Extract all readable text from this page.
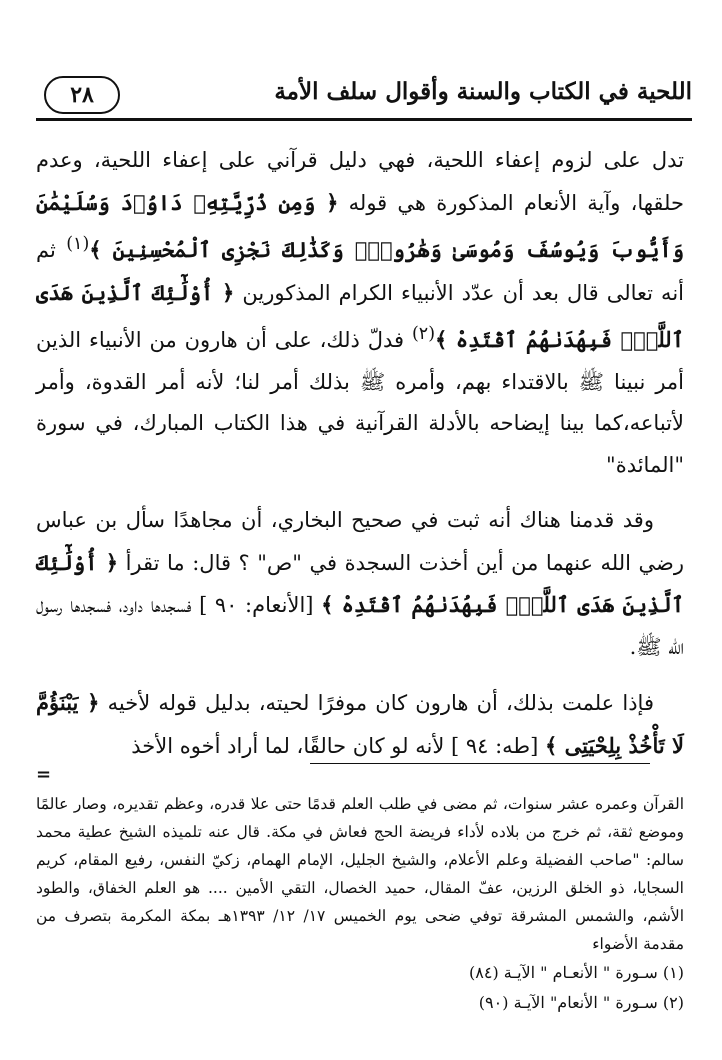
اللحية في الكتاب والسنة وأقوال سلف الأمة
٢٨

تدل على لزوم إعفاء اللحية، فهي دليل قرآني على إعفاء اللحية، وعدم حلقها، وآية الأنعام المذكورة هي قوله ﴿ وَمِن ذُرِّيَّتِهِۦ دَاوُۥدَ وَسُلَيْمَٰنَ وَأَيُّوبَ وَيُوسُفَ وَمُوسَىٰ وَهَٰرُونَۚ وَكَذَٰلِكَ نَجْزِى ٱلْمُحْسِنِينَ ﴾$^{(١)}$ ثم أنه تعالى قال بعد أن عدّد الأنبياء الكرام المذكورين ﴿ أُوْلَٰٓئِكَ ٱلَّذِينَ هَدَى ٱللَّهُۖ فَبِهُدَىٰهُمُ ٱقْتَدِهْ ﴾$^{(٢)}$ فدلّ ذلك، على أن هارون من الأنبياء الذين أمر نبينا ﷺ بالاقتداء بهم، وأمره ﷺ بذلك أمر لنا؛ لأنه أمر القدوة، وأمر لأتباعه،كما بينا إيضاحه بالأدلة القرآنية في هذا الكتاب المبارك، في سورة "المائدة"

وقد قدمنا هناك أنه ثبت في صحيح البخاري، أن مجاهدًا سأل بن عباس رضي الله عنهما من أين أخذت السجدة في "ص" ؟ قال: ما تقرأ ﴿ أُوْلَٰٓئِكَ ٱلَّذِينَ هَدَى ٱللَّهُۖ فَبِهُدَىٰهُمُ ٱقْتَدِهْ ﴾ [الأنعام: ٩٠ ] فسجدها داود، فسجدها رسول الله ﷺ.

فإذا علمت بذلك، أن هارون كان موفرًا لحيته، بدليل قوله لأخيه ﴿ يَبْنَؤُمَّ لَا تَأْخُذْ بِلِحْيَتِى ﴾ [طه: ٩٤ ] لأنه لو كان حالقًا، لما أراد أخوه الأخذ

=

القرآن وعمره عشر سنوات، ثم مضى في طلب العلم قدمًا حتى علا قدره، وعظم تقديره، وصار عالمًا وموضع ثقة، ثم خرج من بلاده لأداء فريضة الحج فعاش في مكة. قال عنه تلميذه الشيخ عطية محمد سالم: "صاحب الفضيلة وعلم الأعلام، والشيخ الجليل، الإمام الهمام، زكيّ النفس، رفيع المقام، كريم السجايا، ذو الخلق الرزين، عفّ المقال، حميد الخصال، التقي الأمين .... هو العلم الخفاق، والطود الأشم، والشمس المشرقة توفي ضحى يوم الخميس ١٧/ ١٢/ ١٣٩٣هـ بمكة المكرمة بتصرف من مقدمة الأضواء

(١) سـورة " الأنعـام " الآيـة (٨٤)

(٢) سـورة " الأنعام" الآيـة (٩٠)
